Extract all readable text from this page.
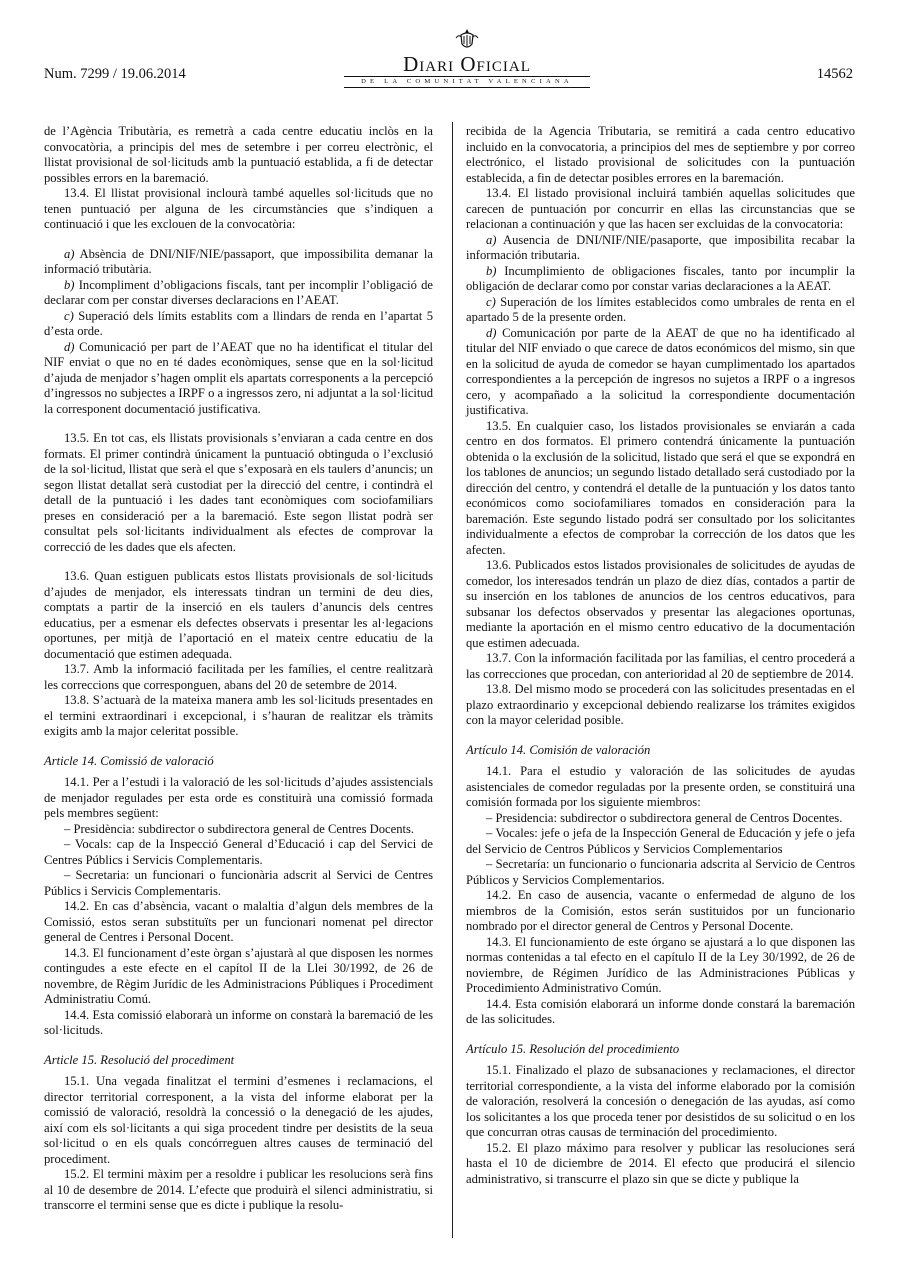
Num. 7299 / 19.06.2014	Diari Oficial
DE LA COMUNITAT VALENCIANA	14562

de l’Agència Tributària, es remetrà a cada centre educatiu inclòs en la convocatòria, a principis del mes de setembre i per correu electrònic, el llistat provisional de sol·licituds amb la puntuació establida, a fi de detectar possibles errors en la baremació.

13.4. El llistat provisional inclourà també aquelles sol·licituds que no tenen puntuació per alguna de les circumstàncies que s’indiquen a continuació i que les exclouen de la convocatòria:

a) Absència de DNI/NIF/NIE/passaport, que impossibilita demanar la informació tributària.

b) Incompliment d’obligacions fiscals, tant per incomplir l’obligació de declarar com per constar diverses declaracions en l’AEAT.

c) Superació dels límits establits com a llindars de renda en l’apartat 5 d’esta orde.

d) Comunicació per part de l’AEAT que no ha identificat el titular del NIF enviat o que no en té dades econòmiques, sense que en la sol·licitud d’ajuda de menjador s’hagen omplit els apartats corresponents a la percepció d’ingressos no subjectes a IRPF o a ingressos zero, ni adjuntat a la sol·licitud la corresponent documentació justificativa.

13.5. En tot cas, els llistats provisionals s’enviaran a cada centre en dos formats. El primer contindrà únicament la puntuació obtinguda o l’exclusió de la sol·licitud, llistat que serà el que s’exposarà en els taulers d’anuncis; un segon llistat detallat serà custodiat per la direcció del centre, i contindrà el detall de la puntuació i les dades tant econòmiques com sociofamiliars preses en consideració per a la baremació. Este segon llistat podrà ser consultat pels sol·licitants individualment als efectes de comprovar la correcció de les dades que els afecten.

13.6. Quan estiguen publicats estos llistats provisionals de sol·licituds d’ajudes de menjador, els interessats tindran un termini de deu dies, comptats a partir de la inserció en els taulers d’anuncis dels centres educatius, per a esmenar els defectes observats i presentar les al·legacions oportunes, per mitjà de l’aportació en el mateix centre educatiu de la documentació que estimen adequada.

13.7. Amb la informació facilitada per les famílies, el centre realitzarà les correccions que corresponguen, abans del 20 de setembre de 2014.

13.8. S’actuarà de la mateixa manera amb les sol·licituds presentades en el termini extraordinari i excepcional, i s’hauran de realitzar els tràmits exigits amb la major celeritat possible.

Article 14. Comissió de valoració

14.1. Per a l’estudi i la valoració de les sol·licituds d’ajudes assistencials de menjador regulades per esta orde es constituirà una comissió formada pels membres següent:

– Presidència: subdirector o subdirectora general de Centres Docents.

– Vocals: cap de la Inspecció General d’Educació i cap del Servici de Centres Públics i Servicis Complementaris.

– Secretaria: un funcionari o funcionària adscrit al Servici de Centres Públics i Servicis Complementaris.

14.2. En cas d’absència, vacant o malaltia d’algun dels membres de la Comissió, estos seran substituïts per un funcionari nomenat pel director general de Centres i Personal Docent.

14.3. El funcionament d’este òrgan s’ajustarà al que disposen les normes contingudes a este efecte en el capítol II de la Llei 30/1992, de 26 de novembre, de Règim Jurídic de les Administracions Públiques i Procediment Administratiu Comú.

14.4. Esta comissió elaborarà un informe on constarà la baremació de les sol·licituds.

Article 15. Resolució del procediment

15.1. Una vegada finalitzat el termini d’esmenes i reclamacions, el director territorial corresponent, a la vista del informe elaborat per la comissió de valoració, resoldrà la concessió o la denegació de les ajudes, així com els sol·licitants a qui siga procedent tindre per desistits de la seua sol·licitud o en els quals concórreguen altres causes de terminació del procediment.

15.2. El termini màxim per a resoldre i publicar les resolucions serà fins al 10 de desembre de 2014. L’efecte que produirà el silenci administratiu, si transcorre el termini sense que es dicte i publique la resolu-

recibida de la Agencia Tributaria, se remitirá a cada centro educativo incluido en la convocatoria, a principios del mes de septiembre y por correo electrónico, el listado provisional de solicitudes con la puntuación establecida, a fin de detectar posibles errores en la baremación.

13.4. El listado provisional incluirá también aquellas solicitudes que carecen de puntuación por concurrir en ellas las circunstancias que se relacionan a continuación y que las hacen ser excluidas de la convocatoria:

a) Ausencia de DNI/NIF/NIE/pasaporte, que imposibilita recabar la información tributaria.

b) Incumplimiento de obligaciones fiscales, tanto por incumplir la obligación de declarar como por constar varias declaraciones a la AEAT.

c) Superación de los límites establecidos como umbrales de renta en el apartado 5 de la presente orden.

d) Comunicación por parte de la AEAT de que no ha identificado al titular del NIF enviado o que carece de datos económicos del mismo, sin que en la solicitud de ayuda de comedor se hayan cumplimentado los apartados correspondientes a la percepción de ingresos no sujetos a IRPF o a ingresos cero, y acompañado a la solicitud la correspondiente documentación justificativa.

13.5. En cualquier caso, los listados provisionales se enviarán a cada centro en dos formatos. El primero contendrá únicamente la puntuación obtenida o la exclusión de la solicitud, listado que será el que se expondrá en los tablones de anuncios; un segundo listado detallado será custodiado por la dirección del centro, y contendrá el detalle de la puntuación y los datos tanto económicos como sociofamiliares tomados en consideración para la baremación. Este segundo listado podrá ser consultado por los solicitantes individualmente a efectos de comprobar la corrección de los datos que les afecten.

13.6. Publicados estos listados provisionales de solicitudes de ayudas de comedor, los interesados tendrán un plazo de diez días, contados a partir de su inserción en los tablones de anuncios de los centros educativos, para subsanar los defectos observados y presentar las alegaciones oportunas, mediante la aportación en el mismo centro educativo de la documentación que estimen adecuada.

13.7. Con la información facilitada por las familias, el centro procederá a las correcciones que procedan, con anterioridad al 20 de septiembre de 2014.

13.8. Del mismo modo se procederá con las solicitudes presentadas en el plazo extraordinario y excepcional debiendo realizarse los trámites exigidos con la mayor celeridad posible.

Artículo 14. Comisión de valoración

14.1. Para el estudio y valoración de las solicitudes de ayudas asistenciales de comedor reguladas por la presente orden, se constituirá una comisión formada por los siguiente miembros:

– Presidencia: subdirector o subdirectora general de Centros Docentes.

– Vocales: jefe o jefa de la Inspección General de Educación y jefe o jefa del Servicio de Centros Públicos y Servicios Complementarios

– Secretaría: un funcionario o funcionaria adscrita al Servicio de Centros Públicos y Servicios Complementarios.

14.2. En caso de ausencia, vacante o enfermedad de alguno de los miembros de la Comisión, estos serán sustituidos por un funcionario nombrado por el director general de Centros y Personal Docente.

14.3. El funcionamiento de este órgano se ajustará a lo que disponen las normas contenidas a tal efecto en el capítulo II de la Ley 30/1992, de 26 de noviembre, de Régimen Jurídico de las Administraciones Públicas y Procedimiento Administrativo Común.

14.4. Esta comisión elaborará un informe donde constará la baremación de las solicitudes.

Artículo 15. Resolución del procedimiento

15.1. Finalizado el plazo de subsanaciones y reclamaciones, el director territorial correspondiente, a la vista del informe elaborado por la comisión de valoración, resolverá la concesión o denegación de las ayudas, así como los solicitantes a los que proceda tener por desistidos de su solicitud o en los que concurran otras causas de terminación del procedimiento.

15.2. El plazo máximo para resolver y publicar las resoluciones será hasta el 10 de diciembre de 2014. El efecto que producirá el silencio administrativo, si transcurre el plazo sin que se dicte y publique la
